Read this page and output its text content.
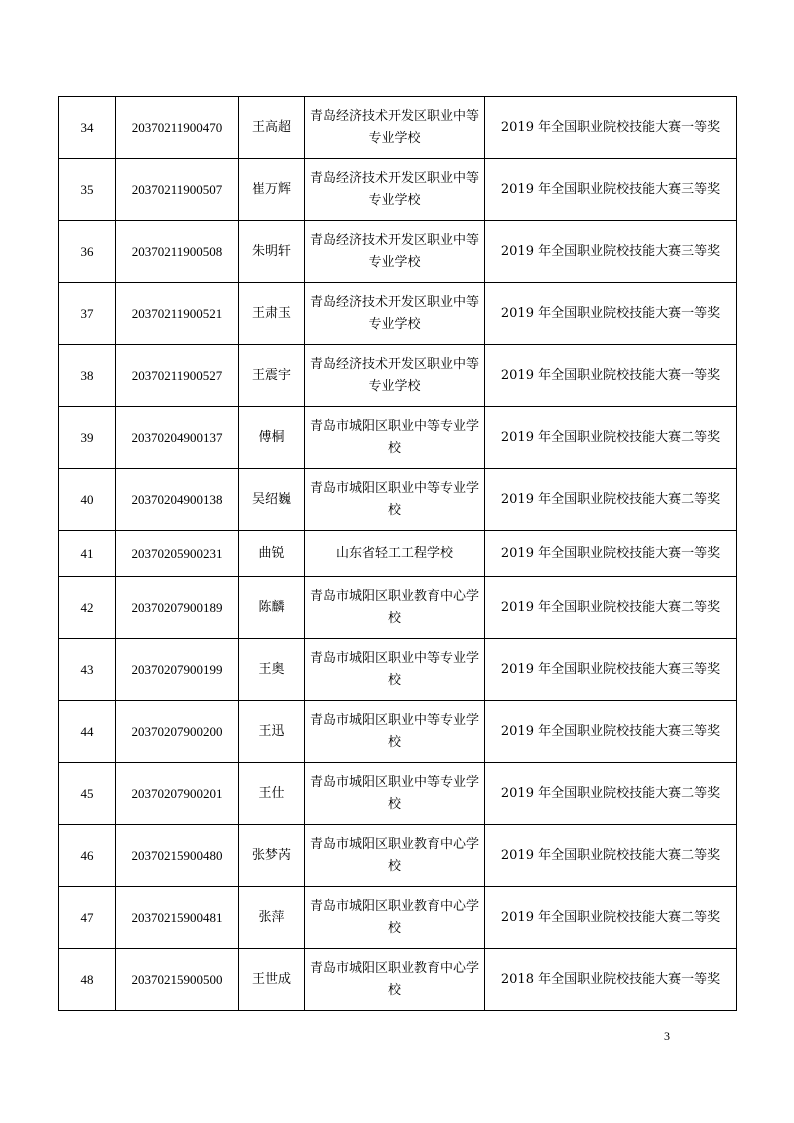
34	20370211900470	王高超	青岛经济技术开发区职业中等专业学校	2019 年全国职业院校技能大赛一等奖
35	20370211900507	崔万辉	青岛经济技术开发区职业中等专业学校	2019 年全国职业院校技能大赛三等奖
36	20370211900508	朱明轩	青岛经济技术开发区职业中等专业学校	2019 年全国职业院校技能大赛三等奖
37	20370211900521	王肃玉	青岛经济技术开发区职业中等专业学校	2019 年全国职业院校技能大赛一等奖
38	20370211900527	王震宇	青岛经济技术开发区职业中等专业学校	2019 年全国职业院校技能大赛一等奖
39	20370204900137	傅桐	青岛市城阳区职业中等专业学校	2019 年全国职业院校技能大赛二等奖
40	20370204900138	吴绍巍	青岛市城阳区职业中等专业学校	2019 年全国职业院校技能大赛二等奖
41	20370205900231	曲锐	山东省轻工工程学校	2019 年全国职业院校技能大赛一等奖
42	20370207900189	陈麟	青岛市城阳区职业教育中心学校	2019 年全国职业院校技能大赛二等奖
43	20370207900199	王奥	青岛市城阳区职业中等专业学校	2019 年全国职业院校技能大赛三等奖
44	20370207900200	王迅	青岛市城阳区职业中等专业学校	2019 年全国职业院校技能大赛三等奖
45	20370207900201	王仕	青岛市城阳区职业中等专业学校	2019 年全国职业院校技能大赛二等奖
46	20370215900480	张梦芮	青岛市城阳区职业教育中心学校	2019 年全国职业院校技能大赛二等奖
47	20370215900481	张萍	青岛市城阳区职业教育中心学校	2019 年全国职业院校技能大赛二等奖
48	20370215900500	王世成	青岛市城阳区职业教育中心学校	2018 年全国职业院校技能大赛一等奖
3
